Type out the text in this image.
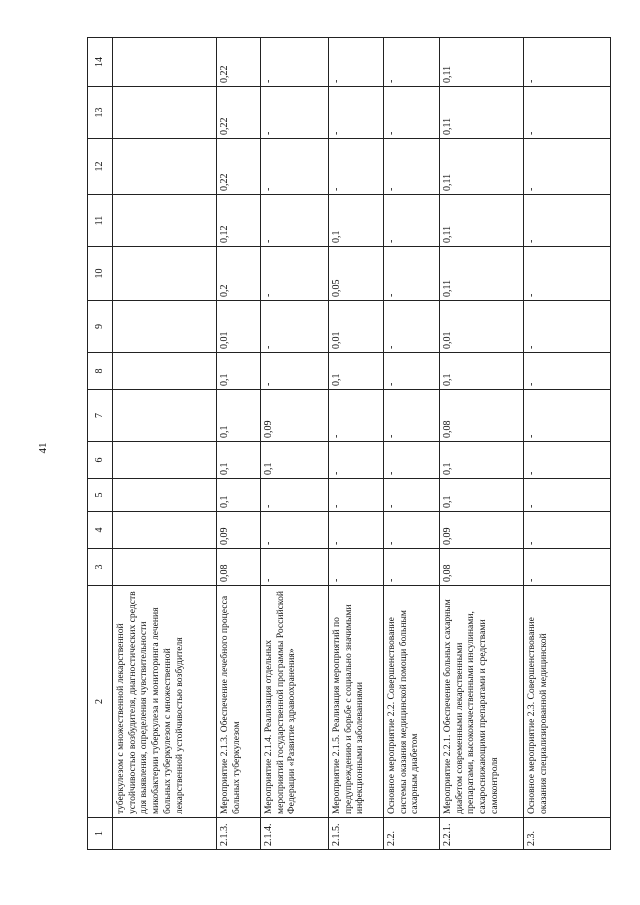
41
1	2	3	4	5	6	7	8	9	10	11	12	13	14
	туберкулезом с множественной лекарственной устойчивостью возбудителя, диагностических средств для выявления, определения чувствительности микобактерии туберкулеза и мониторинга лечения больных туберкулезом с множественной лекарственной устойчивостью возбудителя												
2.1.3.	Мероприятие 2.1.3. Обеспечение лечебного процесса больных туберкулезом	0,08	0,09	0,1	0,1	0,1	0,1	0,01	0,2	0,12	0,22	0,22	0,22
2.1.4.	Мероприятие 2.1.4. Реализация отдельных мероприятий государственной программы Российской Федерации «Развитие здравоохранения»	-	-	-	0,1	0,09	-	-	-	-	-	-	-
2.1.5.	Мероприятие 2.1.5. Реализация мероприятий по предупреждению и борьбе с социально значимыми инфекционными заболеваниями	-	-	-	-	-	0,1	0,01	0,05	0,1	-	-	-
2.2.	Основное мероприятие 2.2. Совершенствование системы оказания медицинской помощи больным сахарным диабетом	-	-	-	-	-	-	-	-	-	-	-	-
2.2.1.	Мероприятие 2.2.1. Обеспечение больных сахарным диабетом современными лекарственными препаратами, высококачественными инсулинами, сахароснижающими препаратами и средствами самоконтроля	0,08	0,09	0,1	0,1	0,08	0,1	0,01	0,11	0,11	0,11	0,11	0,11
2.3.	Основное мероприятие 2.3. Совершенствование оказания специализированной медицинской	-	-	-	-	-	-	-	-	-	-	-	-
